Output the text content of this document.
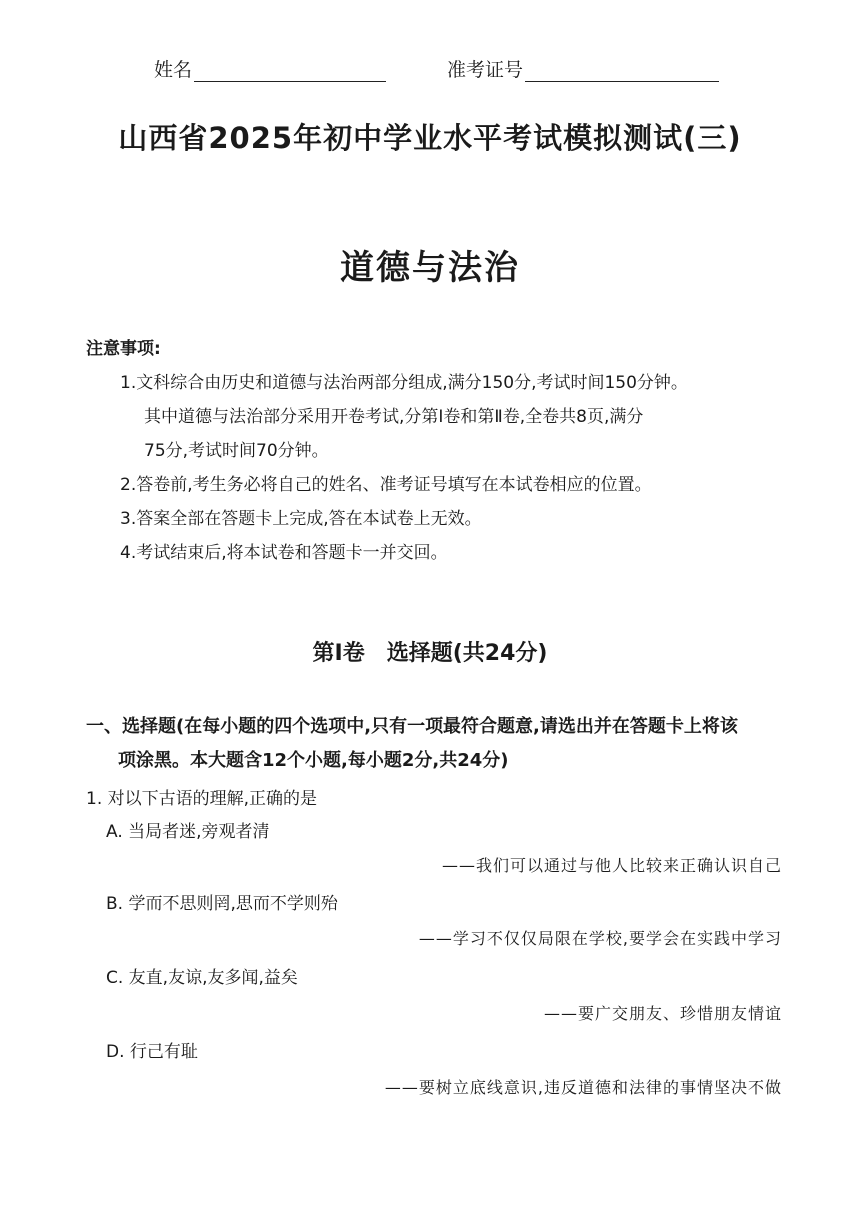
姓名	准考证号
山西省2025年初中学业水平考试模拟测试(三)
道德与法治
注意事项:
1.文科综合由历史和道德与法治两部分组成,满分150分,考试时间150分钟。
其中道德与法治部分采用开卷考试,分第Ⅰ卷和第Ⅱ卷,全卷共8页,满分
75分,考试时间70分钟。
2.答卷前,考生务必将自己的姓名、准考证号填写在本试卷相应的位置。
3.答案全部在答题卡上完成,答在本试卷上无效。
4.考试结束后,将本试卷和答题卡一并交回。
第Ⅰ卷　选择题(共24分)
一、选择题(在每小题的四个选项中,只有一项最符合题意,请选出并在答题卡上将该
项涂黑。本大题含12个小题,每小题2分,共24分)
1. 对以下古语的理解,正确的是
A. 当局者迷,旁观者清
——我们可以通过与他人比较来正确认识自己
B. 学而不思则罔,思而不学则殆
——学习不仅仅局限在学校,要学会在实践中学习
C. 友直,友谅,友多闻,益矣
——要广交朋友、珍惜朋友情谊
D. 行己有耻
——要树立底线意识,违反道德和法律的事情坚决不做
